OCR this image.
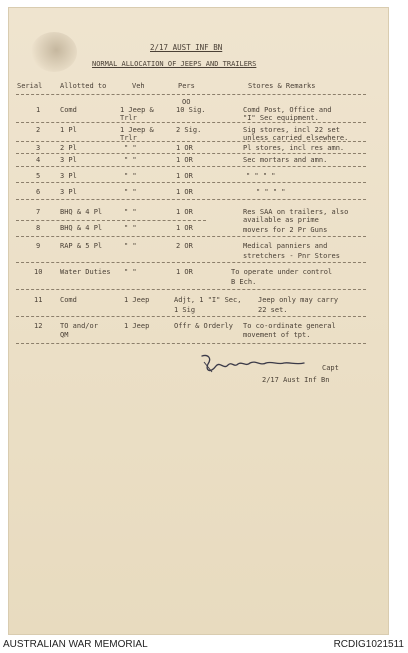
2/17 AUST INF BN
NORMAL ALLOCATION OF JEEPS AND TRAILERS
Serial	Allotted to	Veh	Pers	Stores & Remarks
1	Comd	1 Jeep &
Trlr
OO
10 Sig.	Comd Post, Office and
"I" Sec equipment.
2	1 Pl	1 Jeep &
Trlr
2 Sig.	Sig stores, incl 22 set
unless carried elsewhere.
3	2 Pl	" "	1 OR	Pl stores, incl res amn.
4	3 Pl	" "	1 OR	Sec mortars and amn.
5	3 Pl	" "	1 OR	" " " "
6	3 Pl	" "	1 OR	" " " "
7	BHQ & 4 Pl	" "	1 OR	Res SAA on trailers, also
available as prime
movers for 2 Pr Guns
8	BHQ & 4 Pl	" "	1 OR
9	RAP & 5 Pl	" "	2 OR	Medical panniers and
stretchers - Pnr Stores
10	Water Duties " "	1 OR	To operate under control
B Ech.
11	Comd	1 Jeep	Adjt, 1 "I" Sec,
1 Sig
Jeep only may carry
22 set.
12	TO and/or
QM
1 Jeep	Offr & Orderly To co-ordinate general
movement of tpt.
Capt
2/17 Aust Inf Bn
AUSTRALIAN WAR MEMORIAL	RCDIG1021511
